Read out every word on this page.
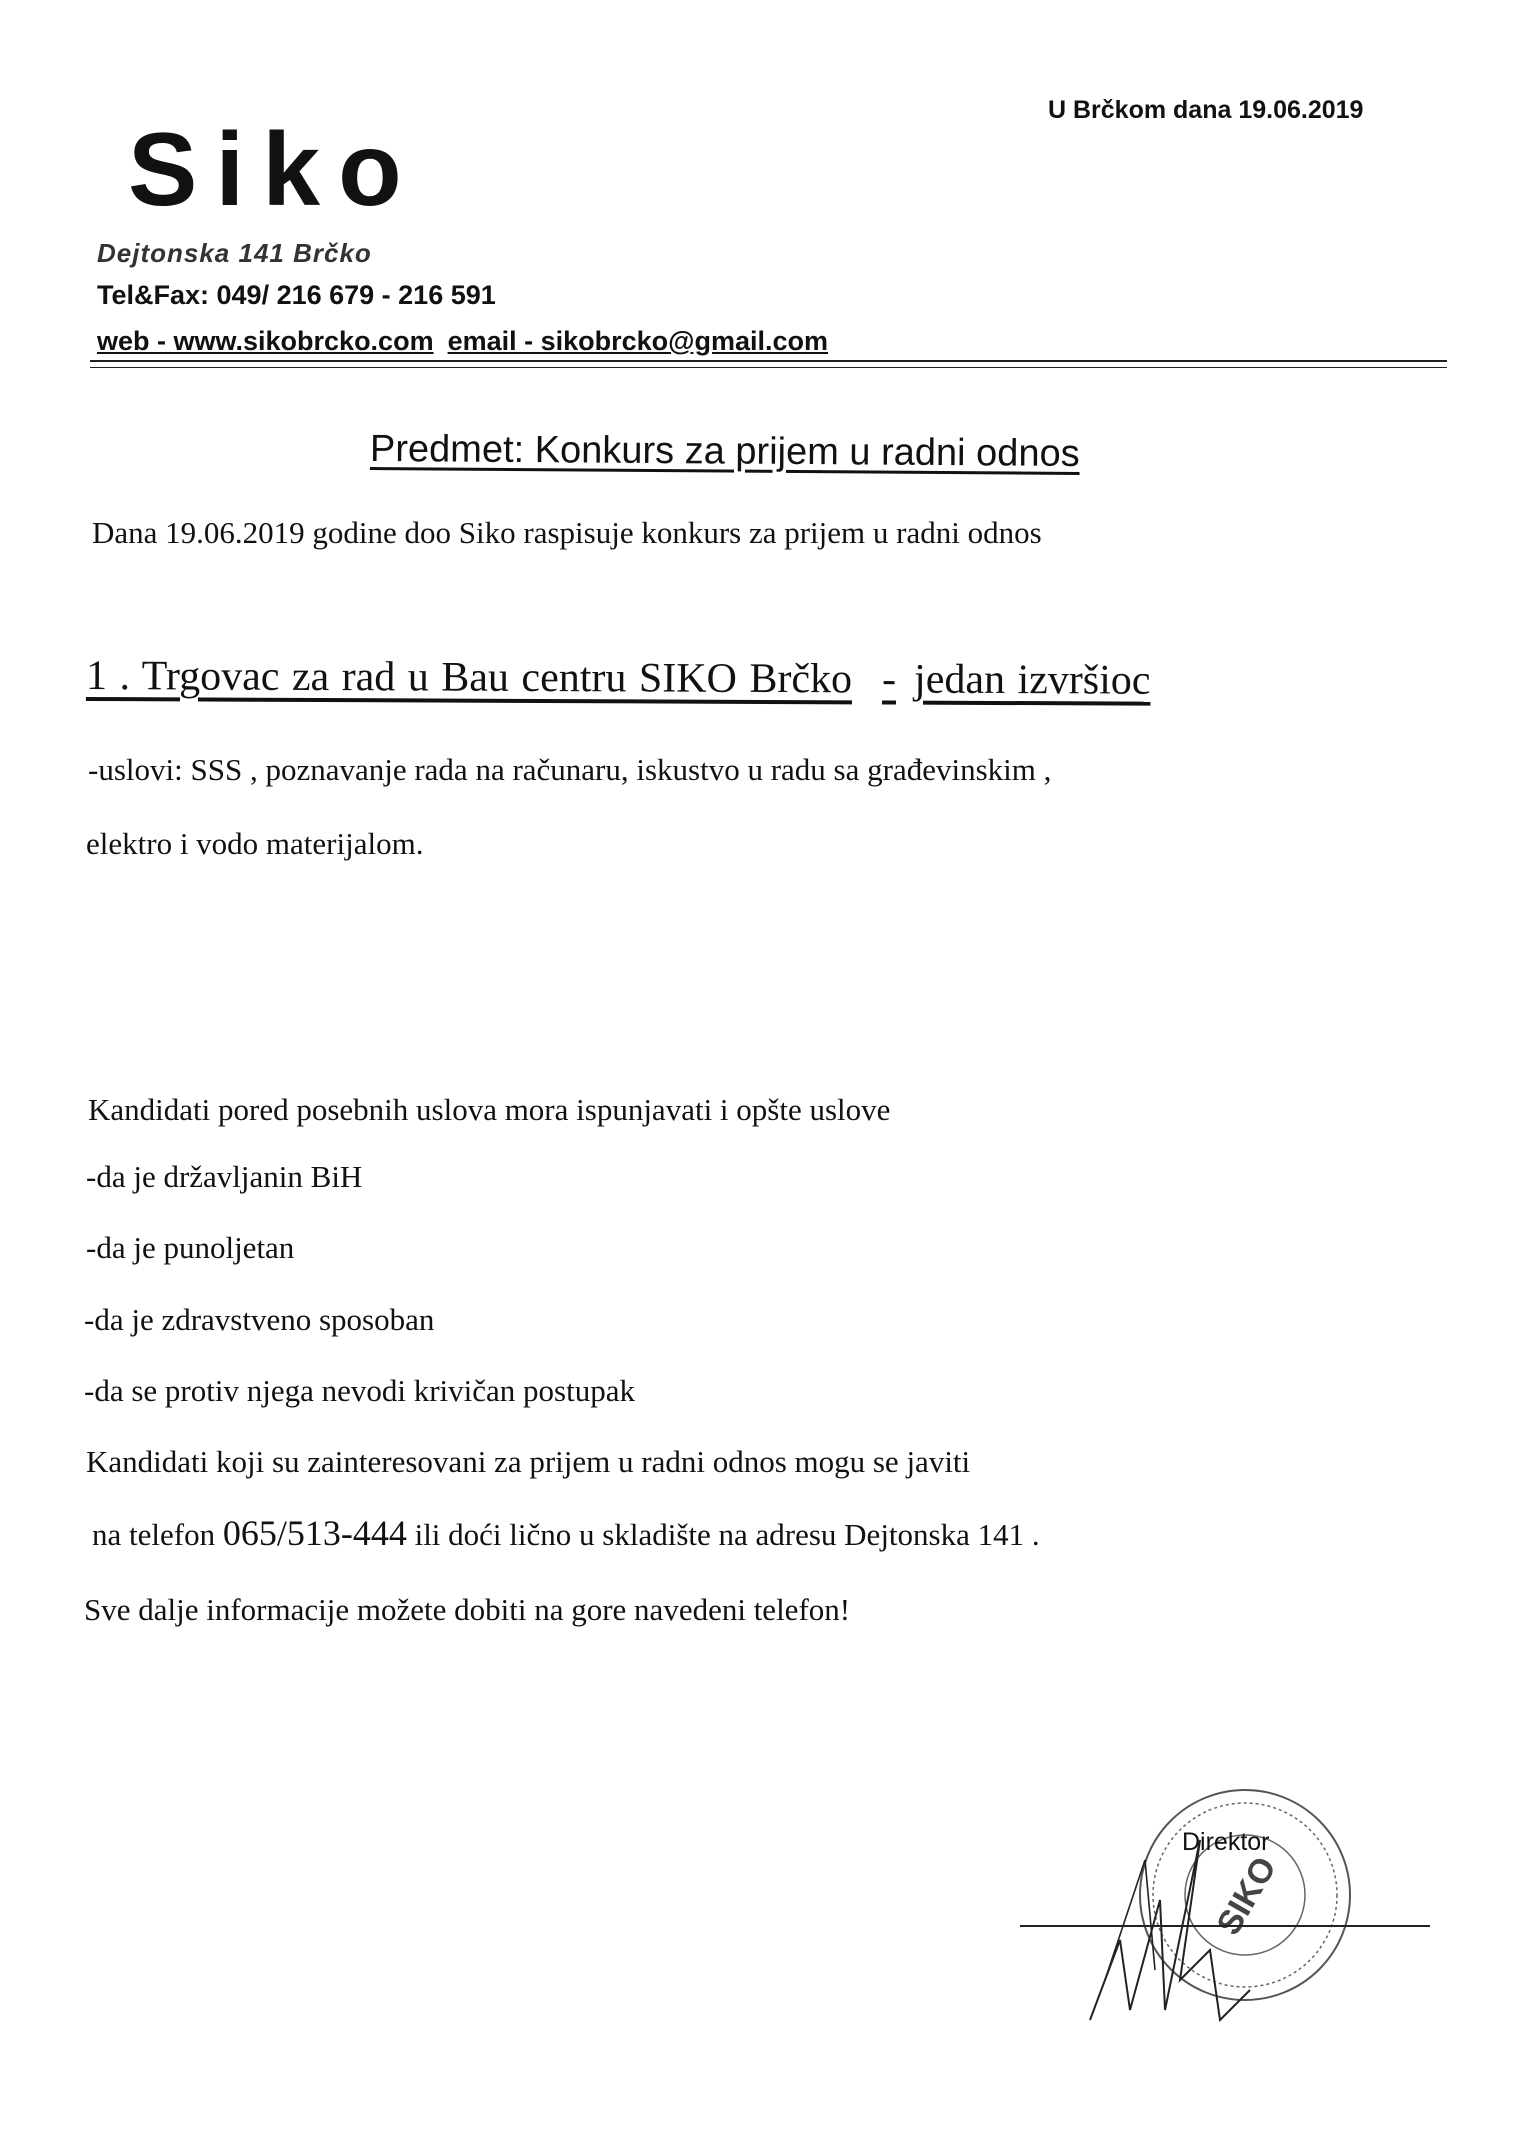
U Brčkom dana 19.06.2019
Siko
Dejtonska 141 Brčko
Tel&Fax: 049/ 216 679 - 216 591
web - www.sikobrcko.com email - sikobrcko@gmail.com
Predmet: Konkurs za prijem u radni odnos
Dana 19.06.2019 godine doo Siko raspisuje konkurs za prijem u radni odnos
1 . Trgovac za rad u Bau centru SIKO Brčko - jedan izvršioc
-uslovi: SSS , poznavanje rada na računaru, iskustvo u radu sa građevinskim ,
elektro i vodo materijalom.
Kandidati pored posebnih uslova mora ispunjavati i opšte uslove
-da je državljanin BiH
-da je punoljetan
-da je zdravstveno sposoban
-da se protiv njega nevodi krivičan postupak
Kandidati koji su zainteresovani za prijem u radni odnos mogu se javiti
na telefon 065/513-444 ili doći lično u skladište na adresu Dejtonska 141 .
Sve dalje informacije možete dobiti na gore navedeni telefon!
SIKO
Direktor
